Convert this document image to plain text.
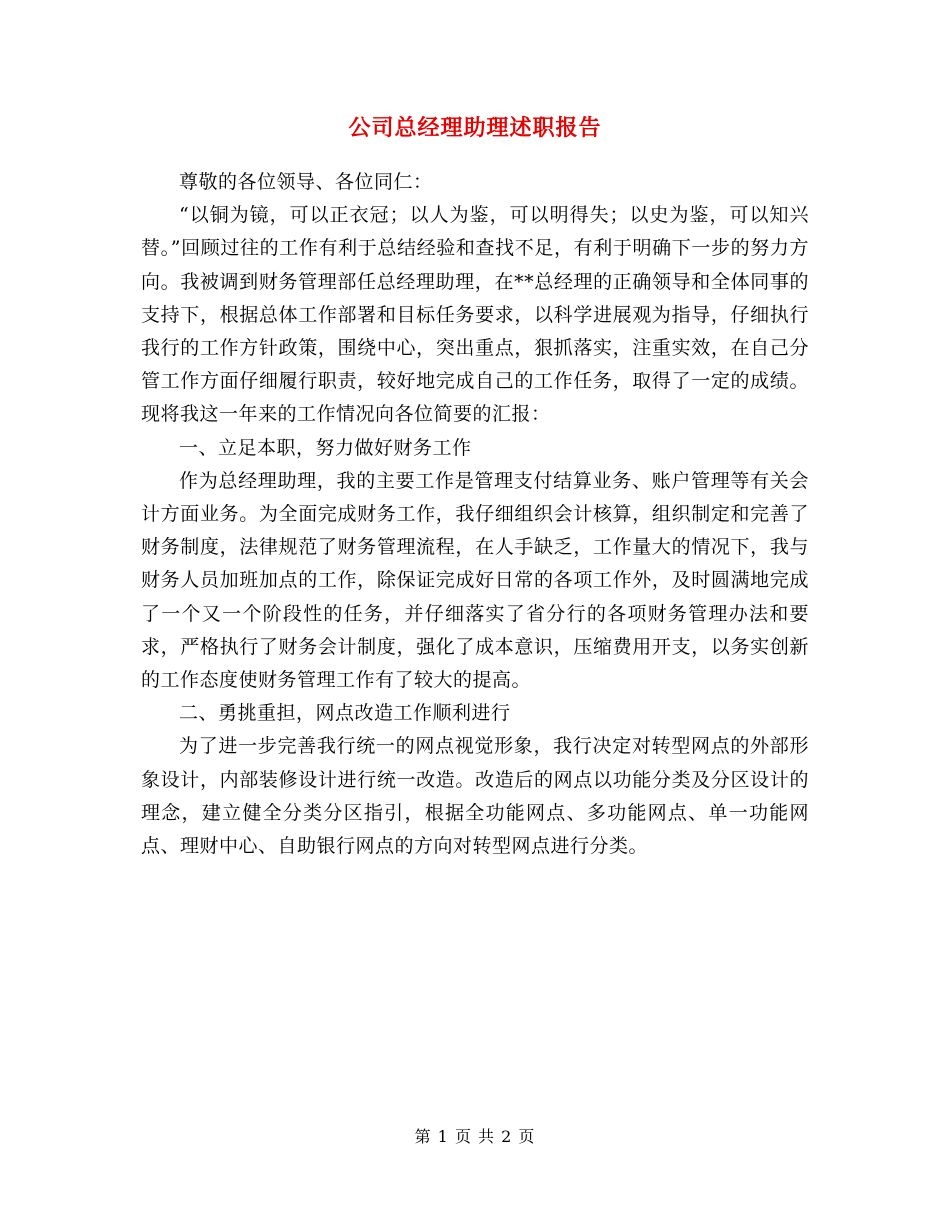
公司总经理助理述职报告

尊敬的各位领导、各位同仁：

“以铜为镜，可以正衣冠；以人为鉴，可以明得失；以史为鉴，可以知兴替。”回顾过往的工作有利于总结经验和查找不足，有利于明确下一步的努力方向。我被调到财务管理部任总经理助理，在**总经理的正确领导和全体同事的支持下，根据总体工作部署和目标任务要求，以科学进展观为指导，仔细执行我行的工作方针政策，围绕中心，突出重点，狠抓落实，注重实效，在自己分管工作方面仔细履行职责，较好地完成自己的工作任务，取得了一定的成绩。现将我这一年来的工作情况向各位简要的汇报：

一、立足本职，努力做好财务工作

作为总经理助理，我的主要工作是管理支付结算业务、账户管理等有关会计方面业务。为全面完成财务工作，我仔细组织会计核算，组织制定和完善了财务制度，法律规范了财务管理流程，在人手缺乏，工作量大的情况下，我与财务人员加班加点的工作，除保证完成好日常的各项工作外，及时圆满地完成了一个又一个阶段性的任务，并仔细落实了省分行的各项财务管理办法和要求，严格执行了财务会计制度，强化了成本意识，压缩费用开支，以务实创新的工作态度使财务管理工作有了较大的提高。

二、勇挑重担，网点改造工作顺利进行

为了进一步完善我行统一的网点视觉形象，我行决定对转型网点的外部形象设计，内部装修设计进行统一改造。改造后的网点以功能分类及分区设计的理念，建立健全分类分区指引，根据全功能网点、多功能网点、单一功能网点、理财中心、自助银行网点的方向对转型网点进行分类。

第 1 页 共 2 页
